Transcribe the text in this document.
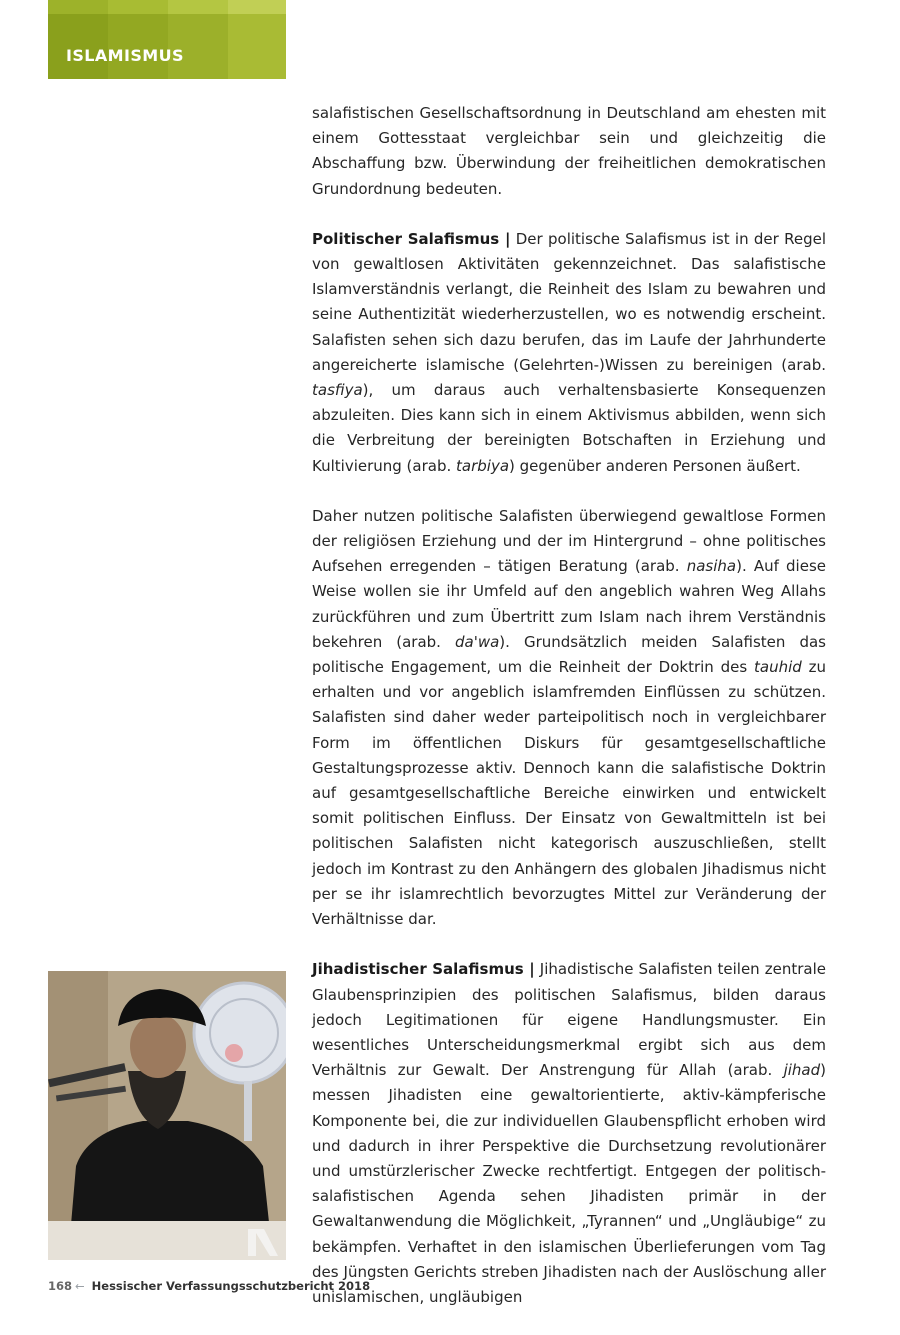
ISLAMISMUS

salafistischen Gesellschaftsordnung in Deutschland am ehesten mit einem Gottesstaat vergleichbar sein und gleichzeitig die Abschaffung bzw. Überwindung der freiheitlichen demokratischen Grundordnung bedeuten.

Politischer Salafismus | Der politische Salafismus ist in der Regel von gewaltlosen Aktivitäten gekennzeichnet. Das salafistische Islamverständnis verlangt, die Reinheit des Islam zu bewahren und seine Authentizität wiederherzustellen, wo es notwendig erscheint. Salafisten sehen sich dazu berufen, das im Laufe der Jahrhunderte angereicherte islamische (Gelehrten-)Wissen zu bereinigen (arab. tasfiya), um daraus auch verhaltensbasierte Konsequenzen abzuleiten. Dies kann sich in einem Aktivismus abbilden, wenn sich die Verbreitung der bereinigten Botschaften in Erziehung und Kultivierung (arab. tarbiya) gegenüber anderen Personen äußert.

Daher nutzen politische Salafisten überwiegend gewaltlose Formen der religiösen Erziehung und der im Hintergrund – ohne politisches Aufsehen erregenden – tätigen Beratung (arab. nasiha). Auf diese Weise wollen sie ihr Umfeld auf den angeblich wahren Weg Allahs zurückführen und zum Übertritt zum Islam nach ihrem Verständnis bekehren (arab. da'wa). Grundsätzlich meiden Salafisten das politische Engagement, um die Reinheit der Doktrin des tauhid zu erhalten und vor angeblich islamfremden Einflüssen zu schützen. Salafisten sind daher weder parteipolitisch noch in vergleichbarer Form im öffentlichen Diskurs für gesamtgesellschaftliche Gestaltungsprozesse aktiv. Dennoch kann die salafistische Doktrin auf gesamtgesellschaftliche Bereiche einwirken und entwickelt somit politischen Einfluss. Der Einsatz von Gewaltmitteln ist bei politischen Salafisten nicht kategorisch auszuschließen, stellt jedoch im Kontrast zu den Anhängern des globalen Jihadismus nicht per se ihr islamrechtlich bevorzugtes Mittel zur Veränderung der Verhältnisse dar.

Jihadistischer Salafismus | Jihadistische Salafisten teilen zentrale Glaubensprinzipien des politischen Salafismus, bilden daraus jedoch Legitimationen für eigene Handlungsmuster. Ein wesentliches Unterscheidungsmerkmal ergibt sich aus dem Verhältnis zur Gewalt. Der Anstrengung für Allah (arab. jihad) messen Jihadisten eine gewaltorientierte, aktiv-kämpferische Komponente bei, die zur individuellen Glaubenspflicht erhoben wird und dadurch in ihrer Perspektive die Durchsetzung revolutionärer und umstürzlerischer Zwecke rechtfertigt. Entgegen der politisch-salafistischen Agenda sehen Jihadisten primär in der Gewaltanwendung die Möglichkeit, „Tyrannen“ und „Ungläubige“ zu bekämpfen. Verhaftet in den islamischen Überlieferungen vom Tag des Jüngsten Gerichts streben Jihadisten nach der Auslöschung aller unislamischen, ungläubigen

168 ← Hessischer Verfassungsschutzbericht 2018
